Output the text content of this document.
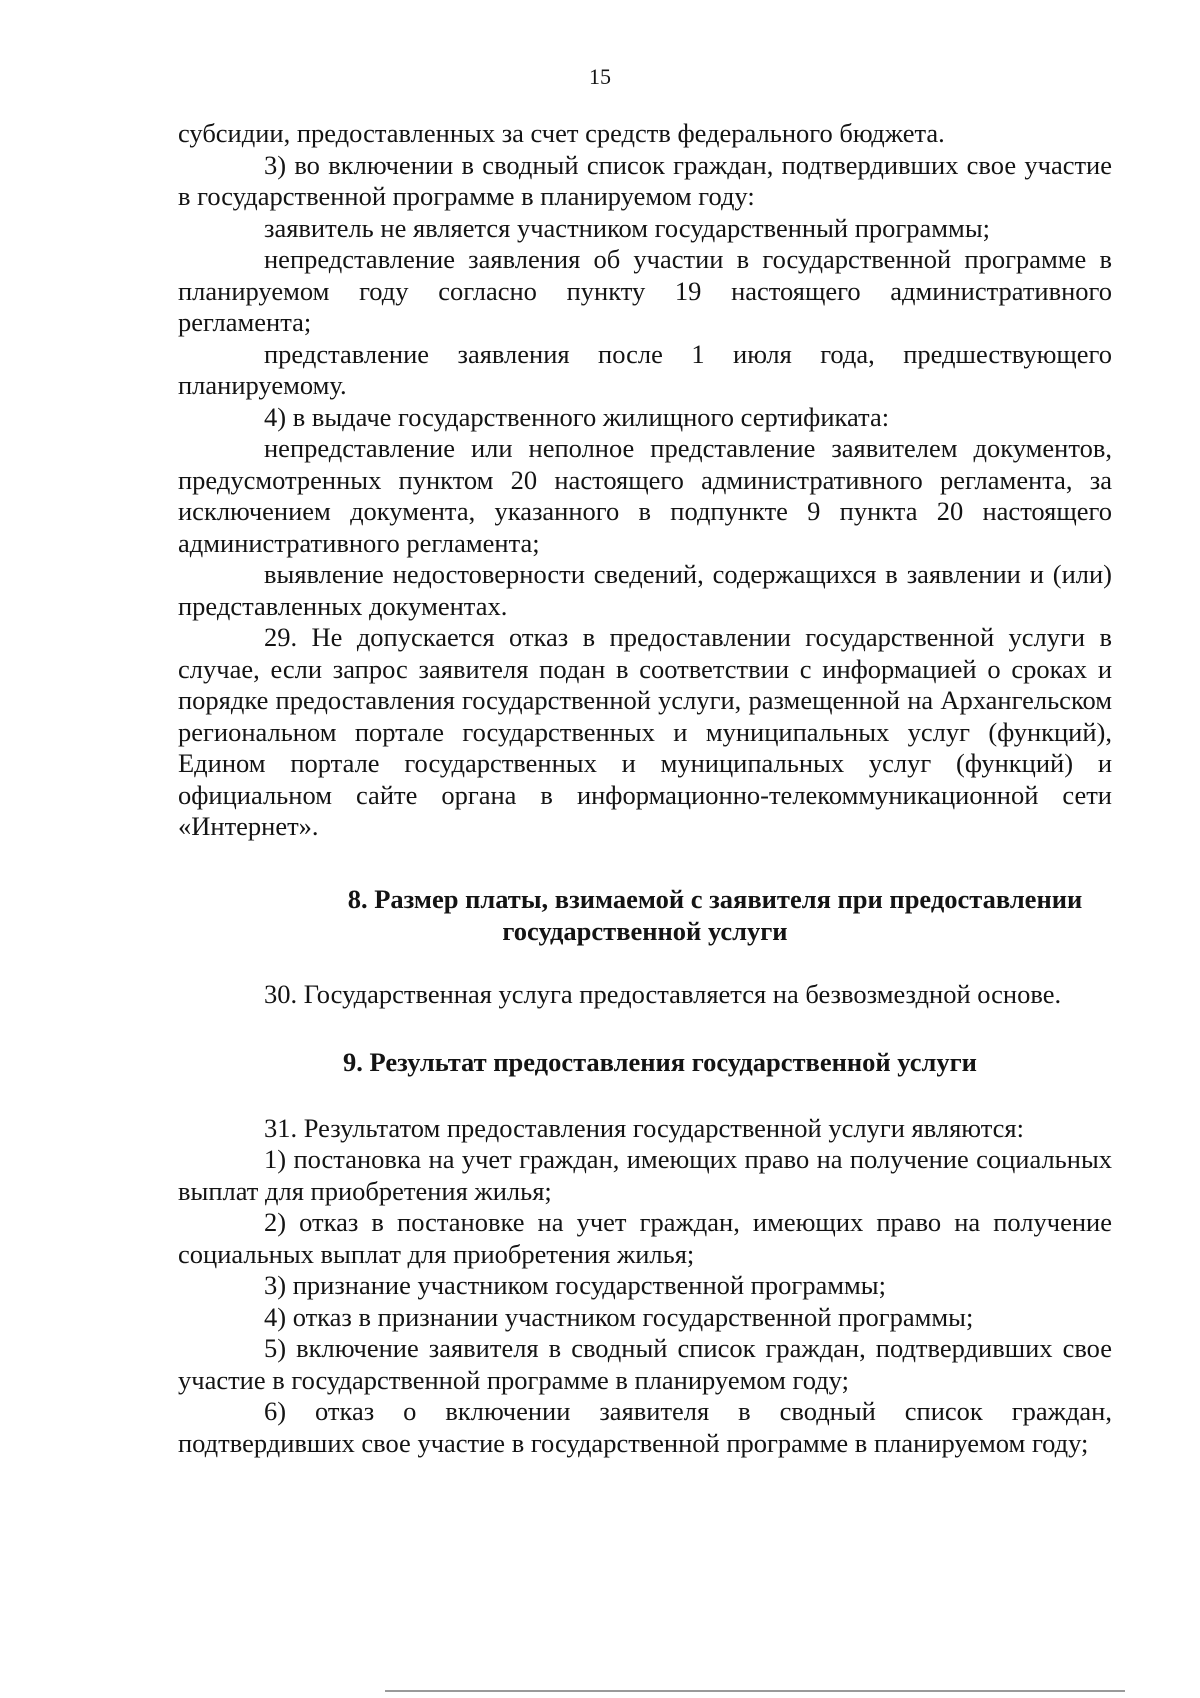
15

субсидии, предоставленных за счет средств федерального бюджета.

3) во включении в сводный список граждан, подтвердивших свое участие в государственной программе в планируемом году:

заявитель не является участником государственный программы;

непредставление заявления об участии в государственной программе в планируемом году согласно пункту 19 настоящего административного регламента;

представление заявления после 1 июля года, предшествующего планируемому.

4) в выдаче государственного жилищного сертификата:

непредставление или неполное представление заявителем документов, предусмотренных пунктом 20 настоящего административного регламента, за исключением документа, указанного в подпункте 9 пункта 20 настоящего административного регламента;

выявление недостоверности сведений, содержащихся в заявлении и (или) представленных документах.

29. Не допускается отказ в предоставлении государственной услуги в случае, если запрос заявителя подан в соответствии с информацией о сроках и порядке предоставления государственной услуги, размещенной на Архангельском региональном портале государственных и муниципальных услуг (функций), Едином портале государственных и муниципальных услуг (функций) и официальном сайте органа в информационно-телекоммуникационной сети «Интернет».

8. Размер платы, взимаемой с заявителя при предоставлении
государственной услуги

30. Государственная услуга предоставляется на безвозмездной основе.

9. Результат предоставления государственной услуги

31. Результатом предоставления государственной услуги являются:

1) постановка на учет граждан, имеющих право на получение социальных выплат для приобретения жилья;

2) отказ в постановке на учет граждан, имеющих право на получение социальных выплат для приобретения жилья;

3) признание участником государственной программы;

4) отказ в признании участником государственной программы;

5) включение заявителя в сводный список граждан, подтвердивших свое участие в государственной программе в планируемом году;

6) отказ о включении заявителя в сводный список граждан, подтвердивших свое участие в государственной программе в планируемом году;
